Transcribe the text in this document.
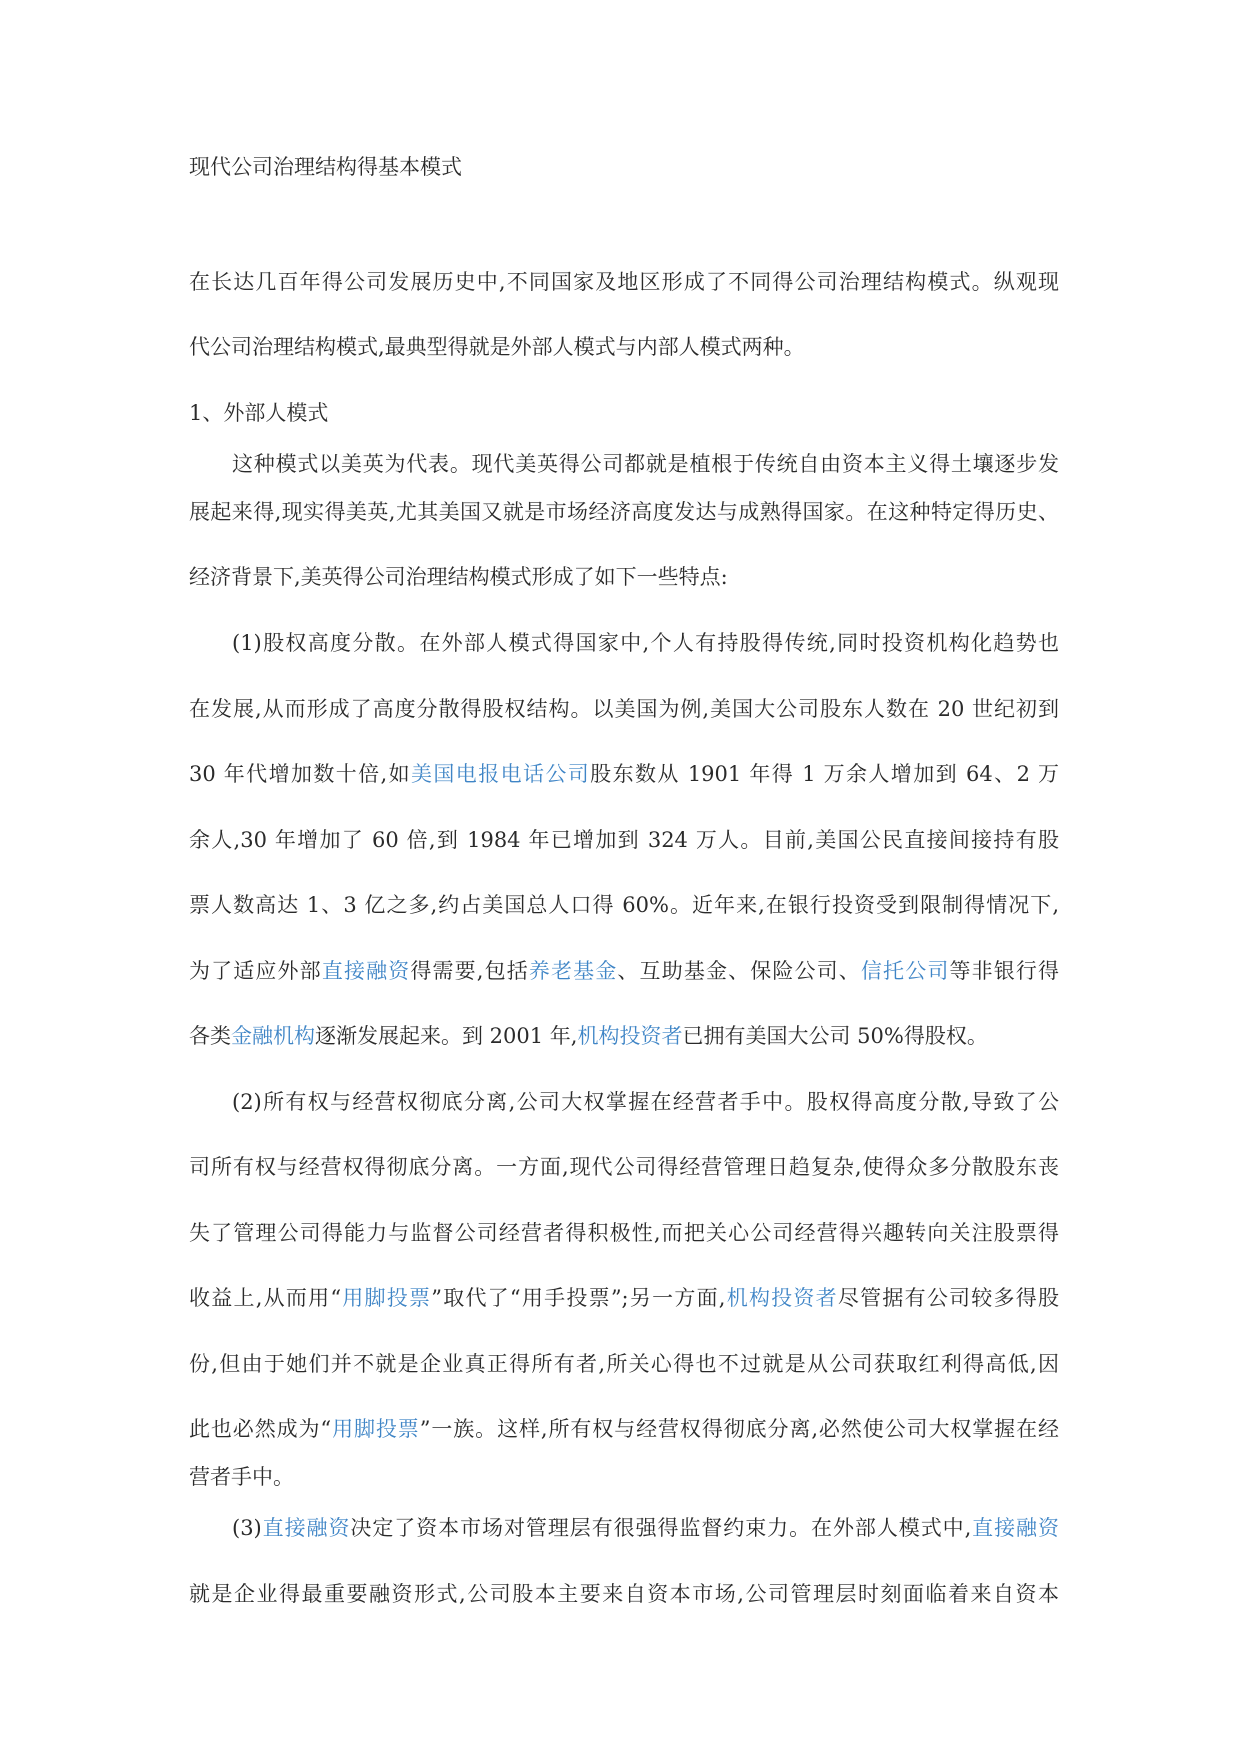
现代公司治理结构得基本模式
在长达几百年得公司发展历史中,不同国家及地区形成了不同得公司治理结构模式。纵观现
代公司治理结构模式,最典型得就是外部人模式与内部人模式两种。
1、外部人模式
这种模式以美英为代表。现代美英得公司都就是植根于传统自由资本主义得土壤逐步发
展起来得,现实得美英,尤其美国又就是市场经济高度发达与成熟得国家。在这种特定得历史、
经济背景下,美英得公司治理结构模式形成了如下一些特点:
(1)股权高度分散。在外部人模式得国家中,个人有持股得传统,同时投资机构化趋势也
在发展,从而形成了高度分散得股权结构。以美国为例,美国大公司股东人数在 20 世纪初到
30 年代增加数十倍,如美国电报电话公司股东数从 1901 年得 1 万余人增加到 64、2 万
余人,30 年增加了 60 倍,到 1984 年已增加到 324 万人。目前,美国公民直接间接持有股
票人数高达 1、3 亿之多,约占美国总人口得 60%。近年来,在银行投资受到限制得情况下,
为了适应外部直接融资得需要,包括养老基金、互助基金、保险公司、信托公司等非银行得
各类金融机构逐渐发展起来。到 2001 年,机构投资者已拥有美国大公司 50%得股权。
(2)所有权与经营权彻底分离,公司大权掌握在经营者手中。股权得高度分散,导致了公
司所有权与经营权得彻底分离。一方面,现代公司得经营管理日趋复杂,使得众多分散股东丧
失了管理公司得能力与监督公司经营者得积极性,而把关心公司经营得兴趣转向关注股票得
收益上,从而用“用脚投票”取代了“用手投票”;另一方面,机构投资者尽管据有公司较多得股
份,但由于她们并不就是企业真正得所有者,所关心得也不过就是从公司获取红利得高低,因
此也必然成为“用脚投票”一族。这样,所有权与经营权得彻底分离,必然使公司大权掌握在经
营者手中。
(3)直接融资决定了资本市场对管理层有很强得监督约束力。在外部人模式中,直接融资
就是企业得最重要融资形式,公司股本主要来自资本市场,公司管理层时刻面临着来自资本
